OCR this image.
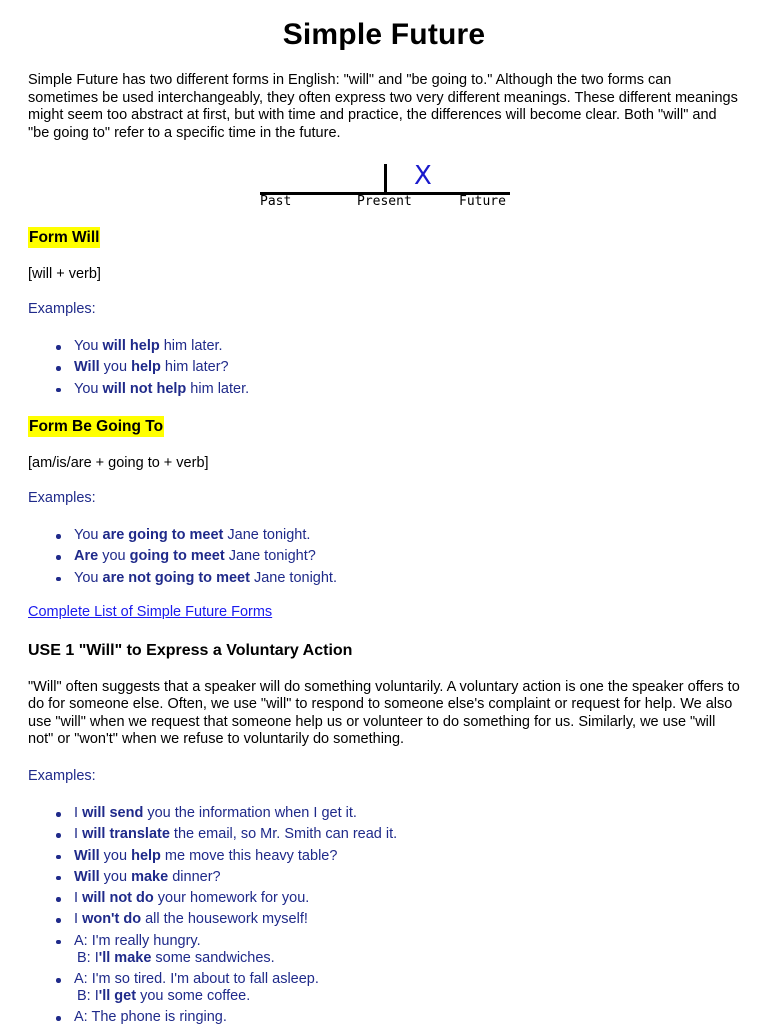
Simple Future

Simple Future has two different forms in English: "will" and "be going to." Although the two forms can sometimes be used interchangeably, they often express two very different meanings. These different meanings might seem too abstract at first, but with time and practice, the differences will become clear. Both "will" and "be going to" refer to a specific time in the future.

X
Past	Present	Future
Form Will

[will + verb]

Examples:

You will help him later.
Will you help him later?
You will not help him later.
Form Be Going To

[am/is/are + going to + verb]

Examples:

You are going to meet Jane tonight.
Are you going to meet Jane tonight?
You are not going to meet Jane tonight.
Complete List of Simple Future Forms
USE 1 "Will" to Express a Voluntary Action

"Will" often suggests that a speaker will do something voluntarily. A voluntary action is one the speaker offers to do for someone else. Often, we use "will" to respond to someone else's complaint or request for help. We also use "will" when we request that someone help us or volunteer to do something for us. Similarly, we use "will not" or "won't" when we refuse to voluntarily do something.

Examples:

I will send you the information when I get it.
I will translate the email, so Mr. Smith can read it.
Will you help me move this heavy table?
Will you make dinner?
I will not do your homework for you.
I won't do all the housework myself!
A: I'm really hungry.
B: I'll make some sandwiches.
A: I'm so tired. I'm about to fall asleep.
B: I'll get you some coffee.
A: The phone is ringing.
